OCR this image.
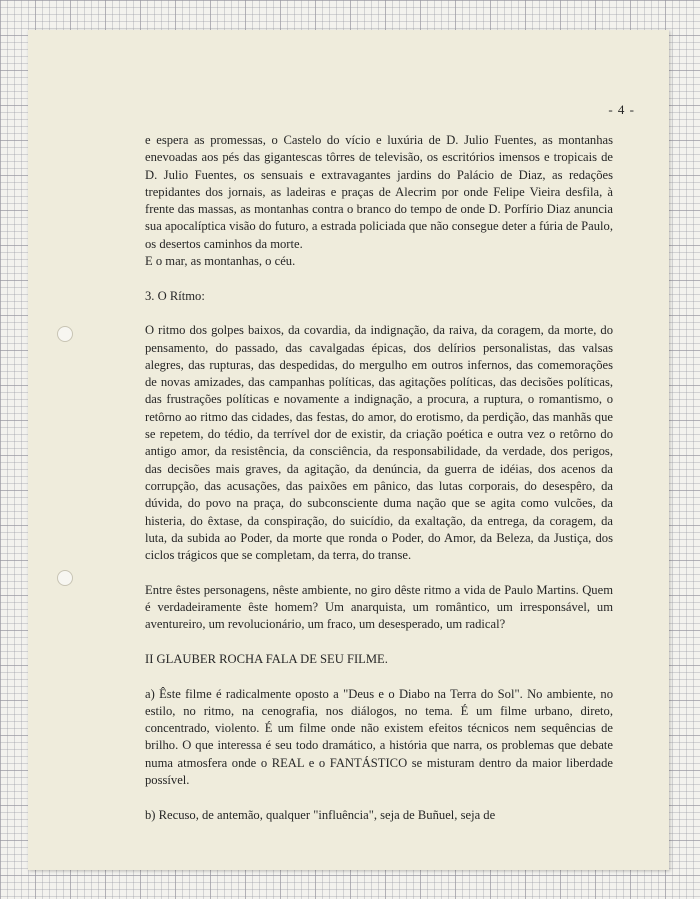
- 4 -

e espera as promessas, o Castelo do vício e luxúria de D. Julio Fuentes, as montanhas enevoadas aos pés das gigantescas tôrres de televisão, os escritórios imensos e tropicais de D. Julio Fuentes, os sensuais e extravagantes jardins do Palácio de Diaz, as redações trepidantes dos jornais, as ladeiras e praças de Alecrim por onde Felipe Vieira desfila, à frente das massas, as montanhas contra o branco do tempo de onde D. Porfírio Diaz anuncia sua apocalíptica visão do futuro, a estrada policiada que não consegue deter a fúria de Paulo, os desertos caminhos da morte.

E o mar, as montanhas, o céu.

3. O Rítmo:

O ritmo dos golpes baixos, da covardia, da indignação, da raiva, da coragem, da morte, do pensamento, do passado, das cavalgadas épicas, dos delírios personalistas, das valsas alegres, das rupturas, das despedidas, do mergulho em outros infernos, das comemorações de novas amizades, das campanhas políticas, das agitações políticas, das decisões políticas, das frustrações políticas e novamente a indignação, a procura, a ruptura, o romantismo, o retôrno ao ritmo das cidades, das festas, do amor, do erotismo, da perdição, das manhãs que se repetem, do tédio, da terrível dor de existir, da criação poética e outra vez o retôrno do antigo amor, da resistência, da consciência, da responsabilidade, da verdade, dos perigos, das decisões mais graves, da agitação, da denúncia, da guerra de idéias, dos acenos da corrupção, das acusações, das paixões em pânico, das lutas corporais, do desespêro, da dúvida, do povo na praça, do subconsciente duma nação que se agita como vulcões, da histeria, do êxtase, da conspiração, do suicídio, da exaltação, da entrega, da coragem, da luta, da subida ao Poder, da morte que ronda o Poder, do Amor, da Beleza, da Justiça, dos ciclos trágicos que se completam, da terra, do transe.

Entre êstes personagens, nêste ambiente, no giro dêste ritmo a vida de Paulo Martins. Quem é verdadeiramente êste homem? Um anarquista, um romântico, um irresponsável, um aventureiro, um revolucionário, um fraco, um desesperado, um radical?

II GLAUBER ROCHA FALA DE SEU FILME.

a) Êste filme é radicalmente oposto a "Deus e o Diabo na Terra do Sol". No ambiente, no estilo, no ritmo, na cenografia, nos diálogos, no tema. É um filme urbano, direto, concentrado, violento. É um filme onde não existem efeitos técnicos nem sequências de brilho. O que interessa é seu todo dramático, a história que narra, os problemas que debate numa atmosfera onde o REAL e o FANTÁSTICO se misturam dentro da maior liberdade possível.

b) Recuso, de antemão, qualquer "influência", seja de Buñuel, seja de
